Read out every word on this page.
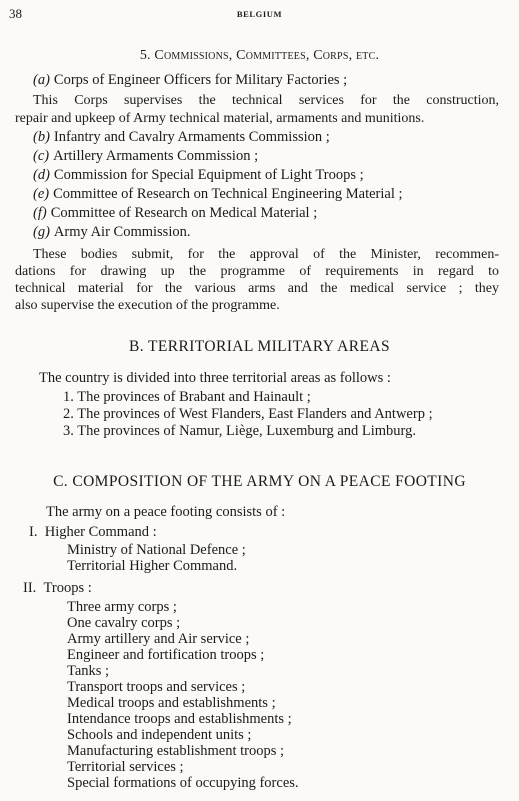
38	BELGIUM
5. Commissions, Committees, Corps, etc.
(a) Corps of Engineer Officers for Military Factories ;
This Corps supervises the technical services for the construction,
repair and upkeep of Army technical material, armaments and munitions.
(b) Infantry and Cavalry Armaments Commission ;
(c) Artillery Armaments Commission ;
(d) Commission for Special Equipment of Light Troops ;
(e) Committee of Research on Technical Engineering Material ;
(f) Committee of Research on Medical Material ;
(g) Army Air Commission.
These bodies submit, for the approval of the Minister, recommen-
dations for drawing up the programme of requirements in regard to
technical material for the various arms and the medical service ; they
also supervise the execution of the programme.
B. TERRITORIAL MILITARY AREAS
The country is divided into three territorial areas as follows :
1. The provinces of Brabant and Hainault ;
2. The provinces of West Flanders, East Flanders and Antwerp ;
3. The provinces of Namur, Liège, Luxemburg and Limburg.
C. COMPOSITION OF THE ARMY ON A PEACE FOOTING
The army on a peace footing consists of :
I. Higher Command :
Ministry of National Defence ;
Territorial Higher Command.
II. Troops :
Three army corps ;
One cavalry corps ;
Army artillery and Air service ;
Engineer and fortification troops ;
Tanks ;
Transport troops and services ;
Medical troops and establishments ;
Intendance troops and establishments ;
Schools and independent units ;
Manufacturing establishment troops ;
Territorial services ;
Special formations of occupying forces.
